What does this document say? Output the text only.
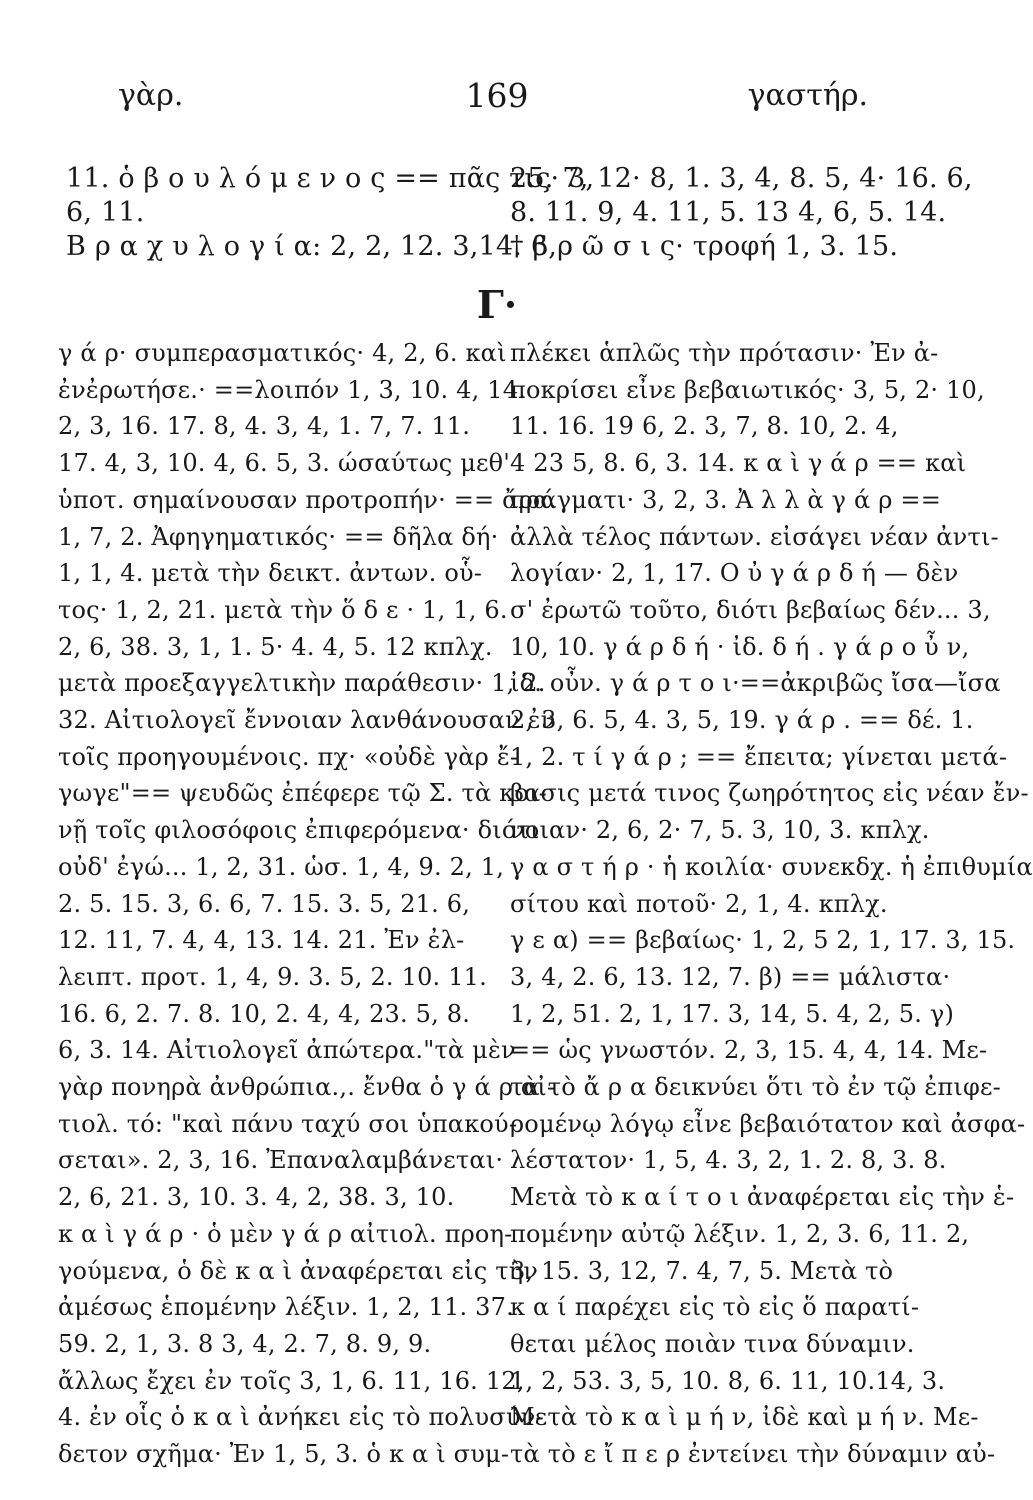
γὰρ.	169	γαστήρ.
11. ὁ β ο υ λ ό μ ε ν ο ς == πᾶς τις· 3,
6, 11.
Β ρ α χ υ λ ο γ ί α: 2, 2, 12. 3,14. 6,
25. 7, 12· 8, 1. 3, 4, 8. 5, 4· 16. 6,
8. 11. 9, 4. 11, 5. 13 4, 6, 5. 14.
† β ρ ῶ σ ι ς· τροφή 1, 3. 15.
Γ·
γ ά ρ· συμπερασματικός· 4, 2, 6. καὶ
ἐνἐρωτήσε.· ==λοιπόν 1, 3, 10. 4, 14.
2, 3, 16. 17. 8, 4. 3, 4, 1. 7, 7. 11.
17. 4, 3, 10. 4, 6. 5, 3. ώσαύτως μεθ'
ὑποτ. σημαίνουσαν προτροπήν· == ἄρα.
1, 7, 2. Ἀφηγηματικός· == δῆλα δή·
1, 1, 4. μετὰ τὴν δεικτ. ἀντων. οὗ-
τος· 1, 2, 21. μετὰ τὴν ὅ δ ε · 1, 1, 6.
2, 6, 38. 3, 1, 1. 5· 4. 4, 5. 12 κπλχ.
μετὰ προεξαγγελτικὴν παράθεσιν· 1, 2.
32. Αἰτιολογεῖ ἔννοιαν λανθάνουσαν ἐν
τοῖς προηγουμένοις. πχ· «οὐδὲ γὰρ ἔ-
γωγε"== ψευδῶς ἐπέφερε τῷ Σ. τὰ κοι-
νῇ τοῖς φιλοσόφοις ἐπιφερόμενα· διότι
οὐδ' ἐγώ... 1, 2, 31. ὡσ. 1, 4, 9. 2, 1,
2. 5. 15. 3, 6. 6, 7. 15. 3. 5, 21. 6,
12. 11, 7. 4, 4, 13. 14. 21. Ἐν ἐλ-
λειπτ. προτ. 1, 4, 9. 3. 5, 2. 10. 11.
16. 6, 2. 7. 8. 10, 2. 4, 4, 23. 5, 8.
6, 3. 14. Αἰτιολογεῖ ἀπώτερα."τὰ μὲν
γὰρ πονηρὰ ἀνθρώπια.,. ἔνθα ὁ γ ά ρ αἰ-
τιολ. τό: "καὶ πάνυ ταχύ σοι ὑπακού-
σεται». 2, 3, 16. Ἐπαναλαμβάνεται·
2, 6, 21. 3, 10. 3. 4, 2, 38. 3, 10.
κ α ὶ γ ά ρ · ὁ μὲν γ ά ρ αἰτιολ. προη-
γούμενα, ὁ δὲ κ α ὶ ἀναφέρεται εἰς τὴν
ἀμέσως ἑπομένην λέξιν. 1, 2, 11. 37.
59. 2, 1, 3. 8 3, 4, 2. 7, 8. 9, 9.
ἄλλως ἔχει ἐν τοῖς 3, 1, 6. 11, 16. 12,
4. ἐν οἷς ὁ κ α ὶ ἀνήκει εἰς τὸ πολυσύν-
δετον σχῆμα· Ἐν 1, 5, 3. ὁ κ α ὶ συμ-
πλέκει ἁπλῶς τὴν πρότασιν· Ἐν ἀ-
ποκρίσει εἶνε βεβαιωτικός· 3, 5, 2· 10,
11. 16. 19 6, 2. 3, 7, 8. 10, 2. 4,
4 23 5, 8. 6, 3. 14. κ α ὶ γ ά ρ == καὶ
πράγματι· 3, 2, 3. Ἀ λ λ ὰ γ ά ρ ==
ἀλλὰ τέλος πάντων. εἰσάγει νέαν ἀντι-
λογίαν· 2, 1, 17. Ο ὐ γ ά ρ δ ή — δὲν
σ' ἐρωτῶ τοῦτο, διότι βεβαίως δέν... 3,
10, 10. γ ά ρ δ ή · ἰδ. δ ή . γ ά ρ ο ὖ ν,
ἰδ. οὖν. γ ά ρ τ ο ι·==ἀκριβῶς ἴσα—ἴσα
2, 3, 6. 5, 4. 3, 5, 19. γ ά ρ . == δέ. 1.
1, 2. τ ί γ ά ρ ; == ἔπειτα; γίνεται μετά-
βασις μετά τινος ζωηρότητος εἰς νέαν ἔν-
νοιαν· 2, 6, 2· 7, 5. 3, 10, 3. κπλχ.
γ α σ τ ή ρ · ἡ κοιλία· συνεκδχ. ἡ ἐπιθυμία
σίτου καὶ ποτοῦ· 2, 1, 4. κπλχ.
γ ε α) == βεβαίως· 1, 2, 5 2, 1, 17. 3, 15.
3, 4, 2. 6, 13. 12, 7. β) == μάλιστα·
1, 2, 51. 2, 1, 17. 3, 14, 5. 4, 2, 5. γ)
== ὡς γνωστόν. 2, 3, 15. 4, 4, 14. Με-
τὰ τὸ ἄ ρ α δεικνύει ὅτι τὸ ἐν τῷ ἐπιφε-
ρομένῳ λόγῳ εἶνε βεβαιότατον καὶ ἀσφα-
λέστατον· 1, 5, 4. 3, 2, 1. 2. 8, 3. 8.
Μετὰ τὸ κ α ί τ ο ι ἀναφέρεται εἰς τὴν ἑ-
πομένην αὐτῷ λέξιν. 1, 2, 3. 6, 11. 2,
3, 15. 3, 12, 7. 4, 7, 5. Μετὰ τὸ
κ α ί παρέχει εἰς τὸ εἰς ὅ παρατί-
θεται μέλος ποιὰν τινα δύναμιν.
1, 2, 53. 3, 5, 10. 8, 6. 11, 10.14, 3.
Μετὰ τὸ κ α ὶ μ ή ν, ἰδὲ καὶ μ ή ν. Με-
τὰ τὸ ε ἴ π ε ρ ἐντείνει τὴν δύναμιν αὐ-
